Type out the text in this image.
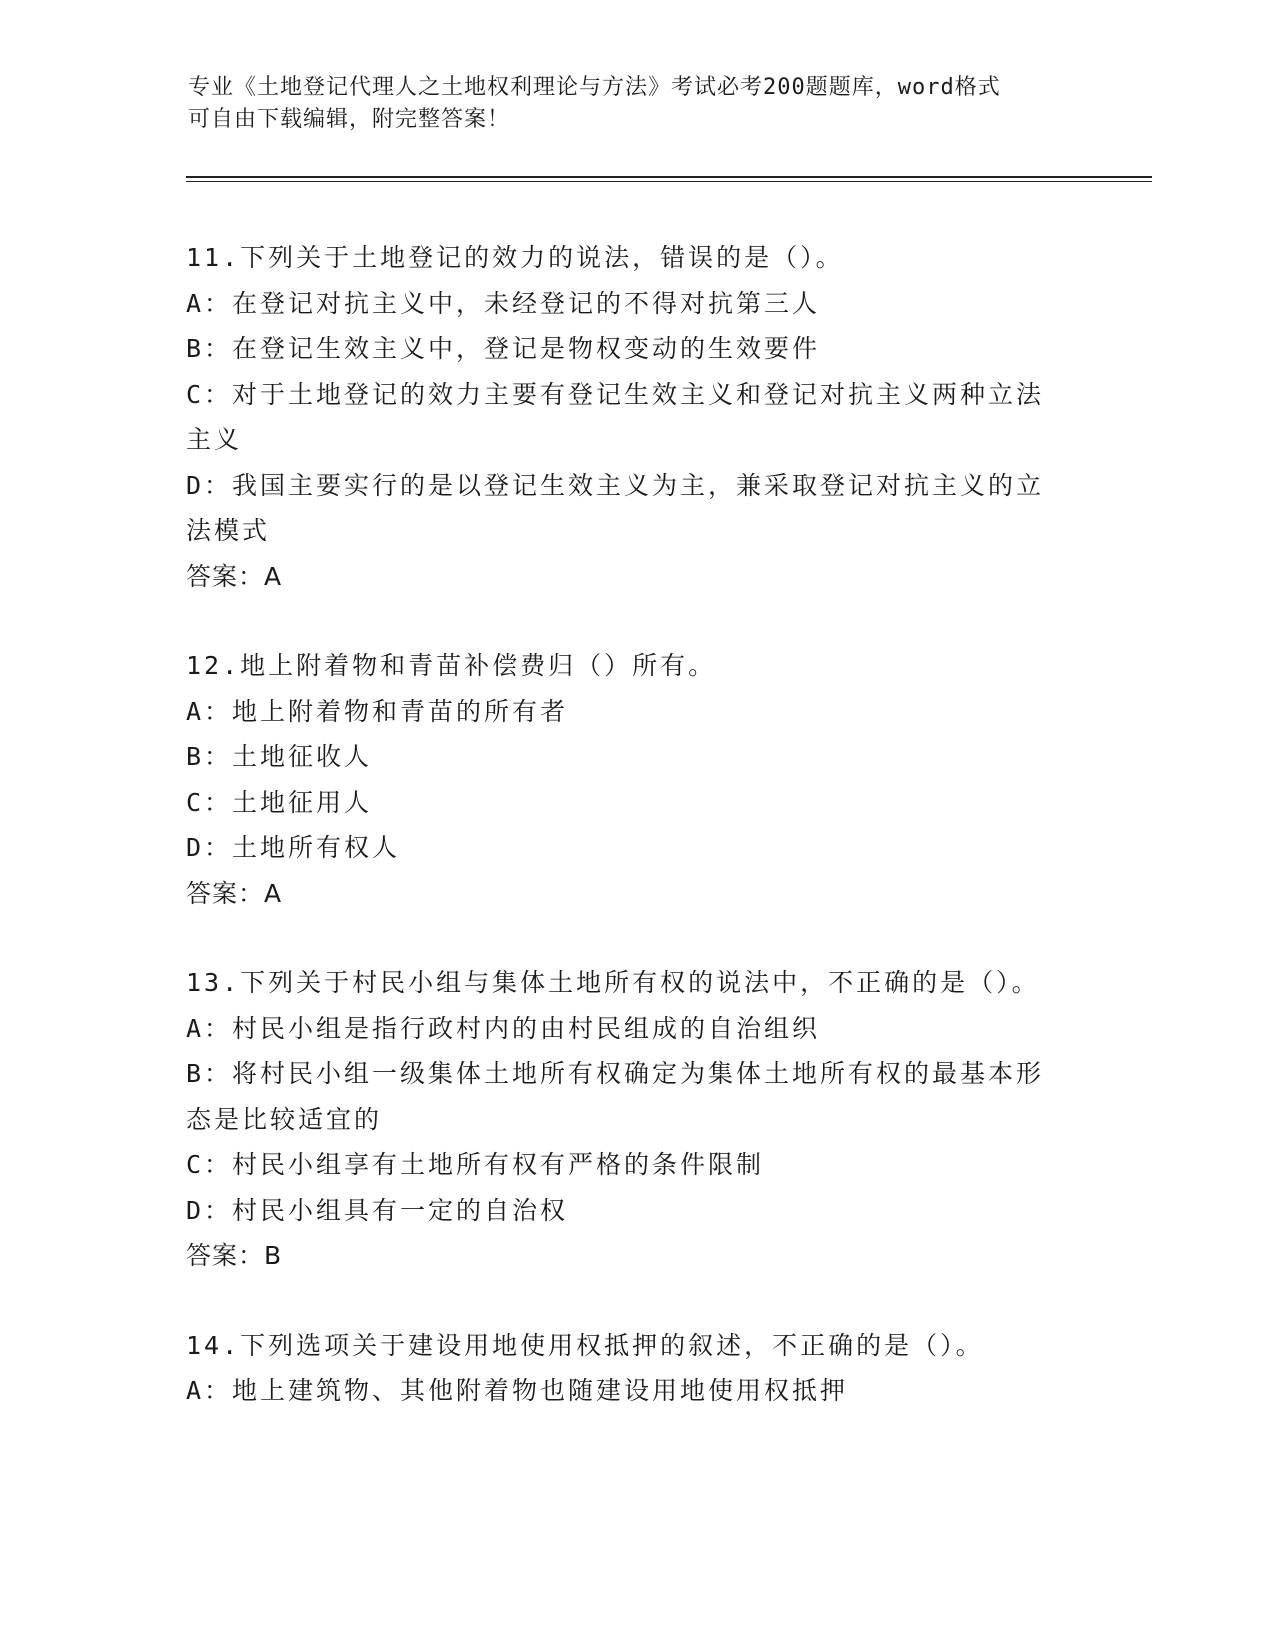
专业《土地登记代理人之土地权利理论与方法》考试必考200题题库，word格式
可自由下载编辑，附完整答案！
11.下列关于土地登记的效力的说法，错误的是（）。
A：在登记对抗主义中，未经登记的不得对抗第三人
B：在登记生效主义中，登记是物权变动的生效要件
C：对于土地登记的效力主要有登记生效主义和登记对抗主义两种立法
主义
D：我国主要实行的是以登记生效主义为主，兼采取登记对抗主义的立
法模式
答案：A
12.地上附着物和青苗补偿费归（）所有。
A：地上附着物和青苗的所有者
B：土地征收人
C：土地征用人
D：土地所有权人
答案：A
13.下列关于村民小组与集体土地所有权的说法中，不正确的是（）。
A：村民小组是指行政村内的由村民组成的自治组织
B：将村民小组一级集体土地所有权确定为集体土地所有权的最基本形
态是比较适宜的
C：村民小组享有土地所有权有严格的条件限制
D：村民小组具有一定的自治权
答案：B
14.下列选项关于建设用地使用权抵押的叙述，不正确的是（）。
A：地上建筑物、其他附着物也随建设用地使用权抵押
